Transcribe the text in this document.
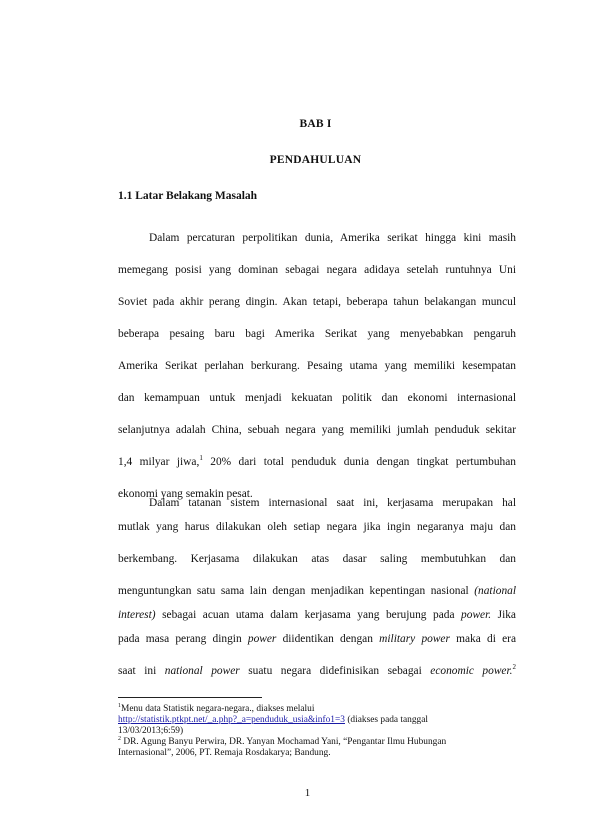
BAB I
PENDAHULUAN
1.1 Latar Belakang Masalah
Dalam percaturan perpolitikan dunia, Amerika serikat hingga kini masih
memegang posisi yang dominan sebagai negara adidaya setelah runtuhnya Uni
Soviet pada akhir perang dingin. Akan tetapi, beberapa tahun belakangan muncul
beberapa pesaing baru bagi Amerika Serikat yang menyebabkan pengaruh
Amerika Serikat perlahan berkurang. Pesaing utama yang memiliki kesempatan
dan kemampuan untuk menjadi kekuatan politik dan ekonomi internasional
selanjutnya adalah China, sebuah negara yang memiliki jumlah penduduk sekitar
1,4 milyar jiwa,$^1$ 20% dari total penduduk dunia dengan tingkat pertumbuhan
ekonomi yang semakin pesat.
Dalam tatanan sistem internasional saat ini, kerjasama merupakan hal
mutlak yang harus dilakukan oleh setiap negara jika ingin negaranya maju dan
berkembang. Kerjasama dilakukan atas dasar saling membutuhkan dan
menguntungkan satu sama lain dengan menjadikan kepentingan nasional (national
interest) sebagai acuan utama dalam kerjasama yang berujung pada power. Jika
$^1$Menu data Statistik negara-negara., diakses melalui
http://statistik.ptkpt.net/_a.php?_a=penduduk_usia&info1=3 (diakses pada tanggal
13/03/2013;6:59)
$^2$ DR. Agung Banyu Perwira, DR. Yanyan Mochamad Yani, “Pengantar Ilmu Hubungan
Internasional”, 2006, PT. Remaja Rosdakarya; Bandung.
1
pada masa perang dingin power diidentikan dengan military power maka di era
saat ini national power suatu negara didefinisikan sebagai economic power.$^2$
